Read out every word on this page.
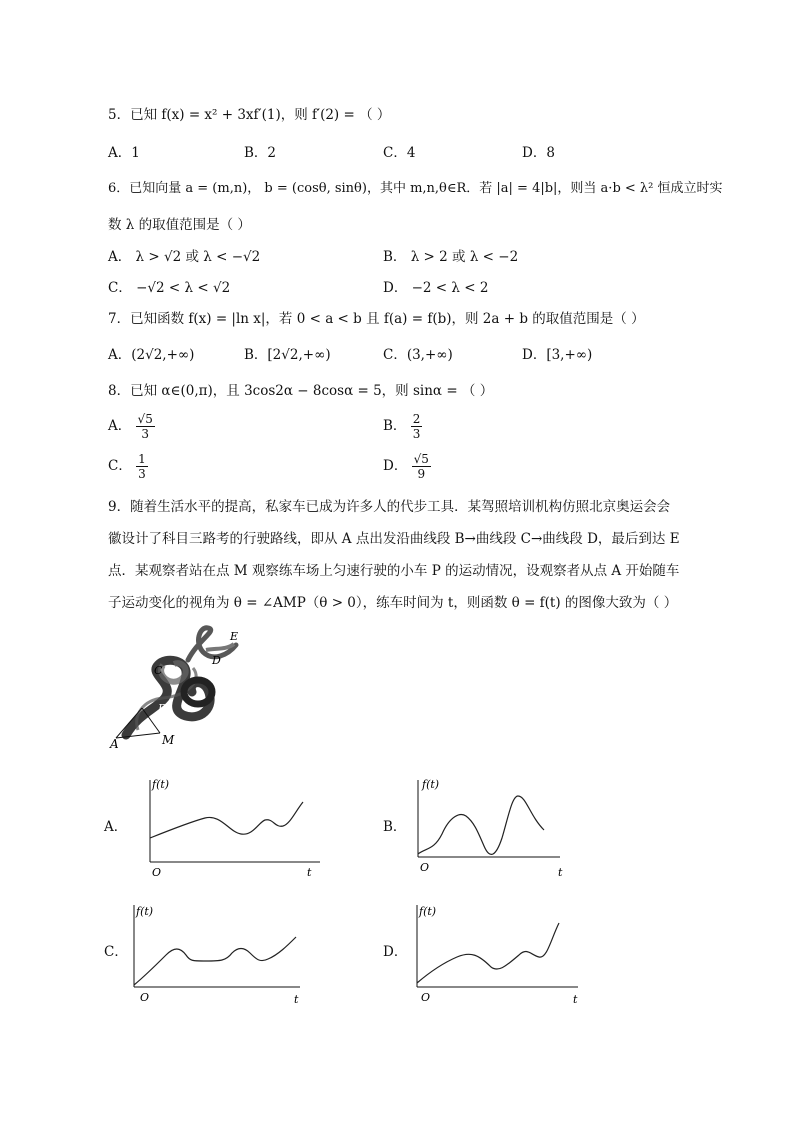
5．已知 f(x) = x² + 3xf′(1)，则 f′(2) = （ ）
A．1	B．2	C．4	D．8
6．已知向量 a = (m,n)， b = (cosθ, sinθ)，其中 m,n,θ∈R．若 |a| = 4|b|，则当 a·b < λ² 恒成立时实
数 λ 的取值范围是（ ）
A． λ > √2 或 λ < −√2	B． λ > 2 或 λ < −2
C． −√2 < λ < √2	D． −2 < λ < 2
7．已知函数 f(x) = |ln x|，若 0 < a < b 且 f(a) = f(b)，则 2a + b 的取值范围是（ ）
A．(2√2,+∞)	B．[2√2,+∞)	C．(3,+∞)	D．[3,+∞)
8．已知 α∈(0,π)，且 3cos2α − 8cosα = 5，则 sinα = （ ）
A． $\frac{√5}{3}$	B． $\frac{2}{3}$
C． $\frac{1}{3}$	D． $\frac{√5}{9}$
9．随着生活水平的提高，私家车已成为许多人的代步工具．某驾照培训机构仿照北京奥运会会
徽设计了科目三路考的行驶路线，即从 A 点出发沿曲线段 B→曲线段 C→曲线段 D，最后到达 E
点．某观察者站在点 M 观察练车场上匀速行驶的小车 P 的运动情况，设观察者从点 A 开始随车
子运动变化的视角为 θ = ∠AMP（θ > 0），练车时间为 t，则函数 θ = f(t) 的图像大致为（ ）
A
B
C
D
E
M
A．
f(t)
O	t
B．
f(t)
O	t
C．
f(t)
O	t
D．
f(t)
O	t
